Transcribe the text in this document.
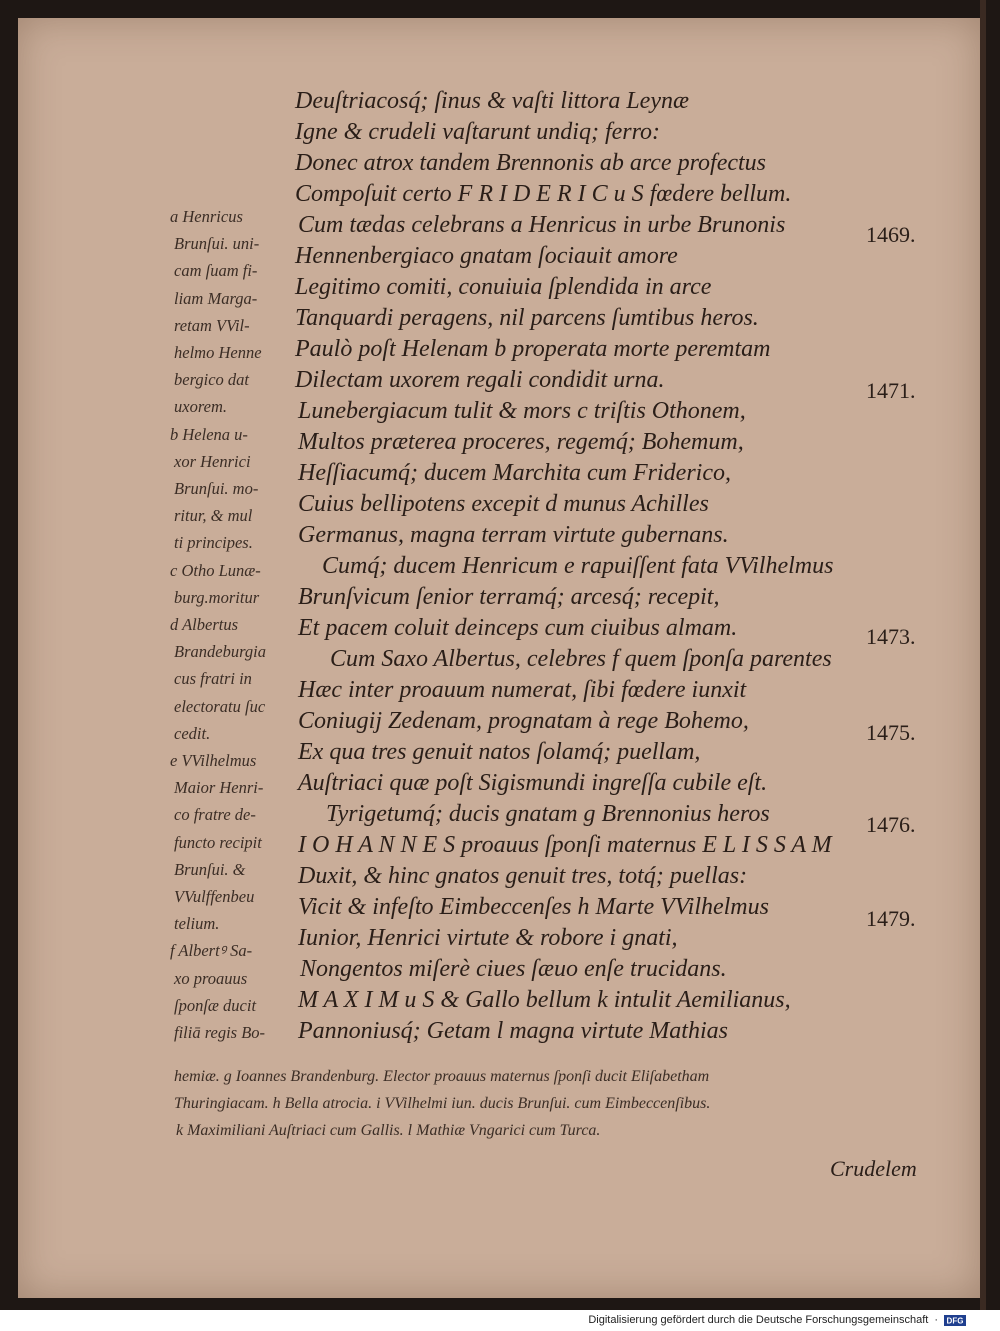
Deuſtriacosq́; ſinus & vaſti littora Leynæ
Igne & crudeli vaſtarunt undiq; ferro:
Donec atrox tandem Brennonis ab arce profectus
Compoſuit certo F R I D E R I C u S fœdere bellum.
Cum tædas celebrans a Henricus in urbe Brunonis
Hennenbergiaco gnatam ſociauit amore
Legitimo comiti, conuiuia ſplendida in arce
Tanquardi peragens, nil parcens ſumtibus heros.
Paulò poſt Helenam b properata morte peremtam
Dilectam uxorem regali condidit urna.
Lunebergiacum tulit & mors c triſtis Othonem,
Multos præterea proceres, regemq́; Bohemum,
Heſſiacumq́; ducem Marchita cum Friderico,
Cuius bellipotens excepit d munus Achilles
Germanus, magna terram virtute gubernans.
Cumq́; ducem Henricum e rapuiſſent fata VVilhelmus
Brunſvicum ſenior terramq́; arcesq́; recepit,
Et pacem coluit deinceps cum ciuibus almam.
Cum Saxo Albertus, celebres f quem ſponſa parentes
Hæc inter proauum numerat, ſibi fœdere iunxit
Coniugij Zedenam, prognatam à rege Bohemo,
Ex qua tres genuit natos ſolamq́; puellam,
Auſtriaci quæ poſt Sigismundi ingreſſa cubile eſt.
Tyrigetumq́; ducis gnatam g Brennonius heros
I O H A N N E S proauus ſponſi maternus E L I S S A M
Duxit, & hinc gnatos genuit tres, totq́; puellas:
Vicit & infeſto Eimbeccenſes h Marte VVilhelmus
Iunior, Henrici virtute & robore i gnati,
Nongentos miſerè ciues ſæuo enſe trucidans.
M A X I M u S & Gallo bellum k intulit Aemilianus,
Pannoniusq́; Getam l magna virtute Mathias
a Henricus
Brunſui. uni-
cam ſuam fi-
liam Marga-
retam VVil-
helmo Henne
bergico dat
uxorem.
b Helena u-
xor Henrici
Brunſui. mo-
ritur, & mul
ti principes.
c Otho Lunæ-
burg.moritur
d Albertus
Brandeburgia
cus fratri in
electoratu ſuc
cedit.
e VVilhelmus
Maior Henri-
co fratre de-
functo recipit
Brunſui. &
VVulffenbeu
telium.
f Albertꝰ Sa-
xo proauus
ſponſæ ducit
filiā regis Bo-
hemiæ. g Ioannes Brandenburg. Elector proauus maternus ſponſi ducit Eliſabetham
Thuringiacam. h Bella atrocia. i VVilhelmi iun. ducis Brunſui. cum Eimbeccenſibus.
k Maximiliani Auſtriaci cum Gallis. l Mathiæ Vngarici cum Turca.
1469.
1471.
1473.
1475.
1476.
1479.
Crudelem
Digitalisierung gefördert durch die Deutsche Forschungsgemeinschaft · DFG
